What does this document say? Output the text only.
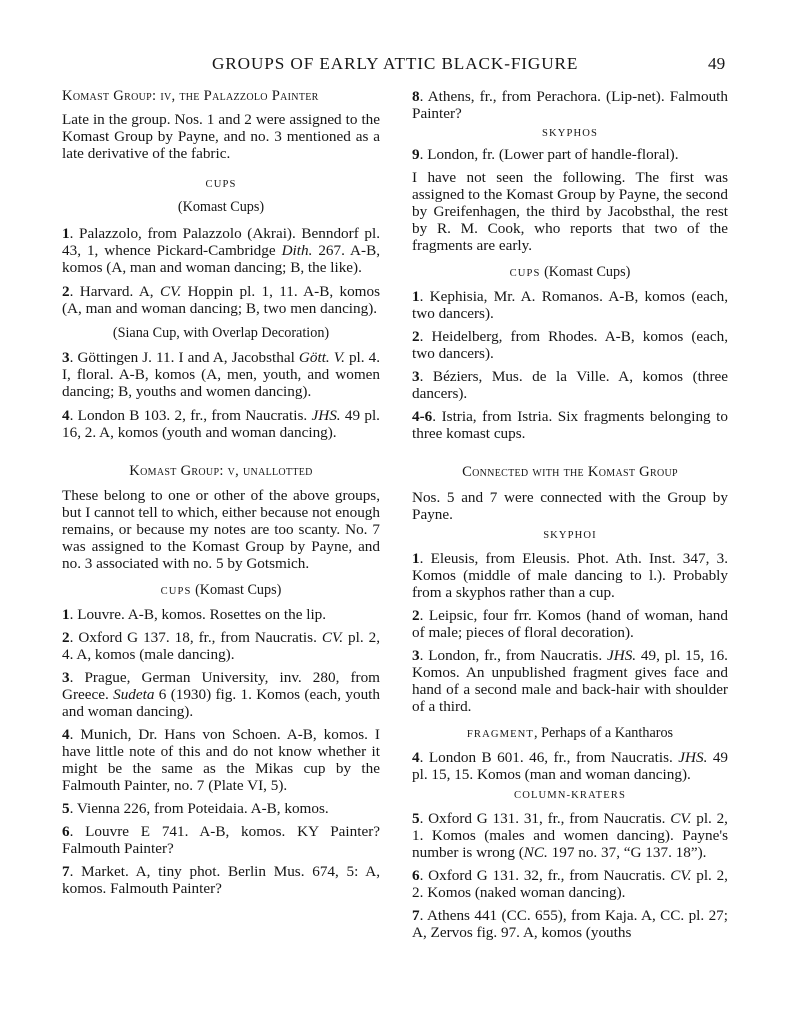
GROUPS OF EARLY ATTIC BLACK-FIGURE	49
Komast Group: iv, the Palazzolo Painter

Late in the group. Nos. 1 and 2 were assigned to the Komast Group by Payne, and no. 3 mentioned as a late derivative of the fabric.

CUPS
(Komast Cups)

1. Palazzolo, from Palazzolo (Akrai). Benndorf pl. 43, 1, whence Pickard-Cambridge Dith. 267. A-B, komos (A, man and woman dancing; B, the like).

2. Harvard. A, CV. Hoppin pl. 1, 11. A-B, komos (A, man and woman dancing; B, two men dancing).

(Siana Cup, with Overlap Decoration)

3. Göttingen J. 11. I and A, Jacobsthal Gött. V. pl. 4. I, floral. A-B, komos (A, men, youth, and women dancing; B, youths and women dancing).

4. London B 103. 2, fr., from Naucratis. JHS. 49 pl. 16, 2. A, komos (youth and woman dancing).

Komast Group: v, unallotted

These belong to one or other of the above groups, but I cannot tell to which, either because not enough remains, or because my notes are too scanty. No. 7 was assigned to the Komast Group by Payne, and no. 3 associated with no. 5 by Gotsmich.

CUPS (Komast Cups)

1. Louvre. A-B, komos. Rosettes on the lip.

2. Oxford G 137. 18, fr., from Naucratis. CV. pl. 2, 4. A, komos (male dancing).

3. Prague, German University, inv. 280, from Greece. Sudeta 6 (1930) fig. 1. Komos (each, youth and woman dancing).

4. Munich, Dr. Hans von Schoen. A-B, komos. I have little note of this and do not know whether it might be the same as the Mikas cup by the Falmouth Painter, no. 7 (Plate VI, 5).

5. Vienna 226, from Poteidaia. A-B, komos.

6. Louvre E 741. A-B, komos. KY Painter? Falmouth Painter?

7. Market. A, tiny phot. Berlin Mus. 674, 5: A, komos. Falmouth Painter?

8. Athens, fr., from Perachora. (Lip-net). Falmouth Painter?

SKYPHOS

9. London, fr. (Lower part of handle-floral).

I have not seen the following. The first was assigned to the Komast Group by Payne, the second by Greifenhagen, the third by Jacobsthal, the rest by R. M. Cook, who reports that two of the fragments are early.

CUPS (Komast Cups)

1. Kephisia, Mr. A. Romanos. A-B, komos (each, two dancers).

2. Heidelberg, from Rhodes. A-B, komos (each, two dancers).

3. Béziers, Mus. de la Ville. A, komos (three dancers).

4-6. Istria, from Istria. Six fragments belonging to three komast cups.

Connected with the Komast Group

Nos. 5 and 7 were connected with the Group by Payne.

SKYPHOI

1. Eleusis, from Eleusis. Phot. Ath. Inst. 347, 3. Komos (middle of male dancing to l.). Probably from a skyphos rather than a cup.

2. Leipsic, four frr. Komos (hand of woman, hand of male; pieces of floral decoration).

3. London, fr., from Naucratis. JHS. 49, pl. 15, 16. Komos. An unpublished fragment gives face and hand of a second male and back-hair with shoulder of a third.

FRAGMENT, Perhaps of a Kantharos

4. London B 601. 46, fr., from Naucratis. JHS. 49 pl. 15, 15. Komos (man and woman dancing).

COLUMN-KRATERS

5. Oxford G 131. 31, fr., from Naucratis. CV. pl. 2, 1. Komos (males and women dancing). Payne's number is wrong (NC. 197 no. 37, “G 137. 18”).

6. Oxford G 131. 32, fr., from Naucratis. CV. pl. 2, 2. Komos (naked woman dancing).

7. Athens 441 (CC. 655), from Kaja. A, CC. pl. 27; A, Zervos fig. 97. A, komos (youths
